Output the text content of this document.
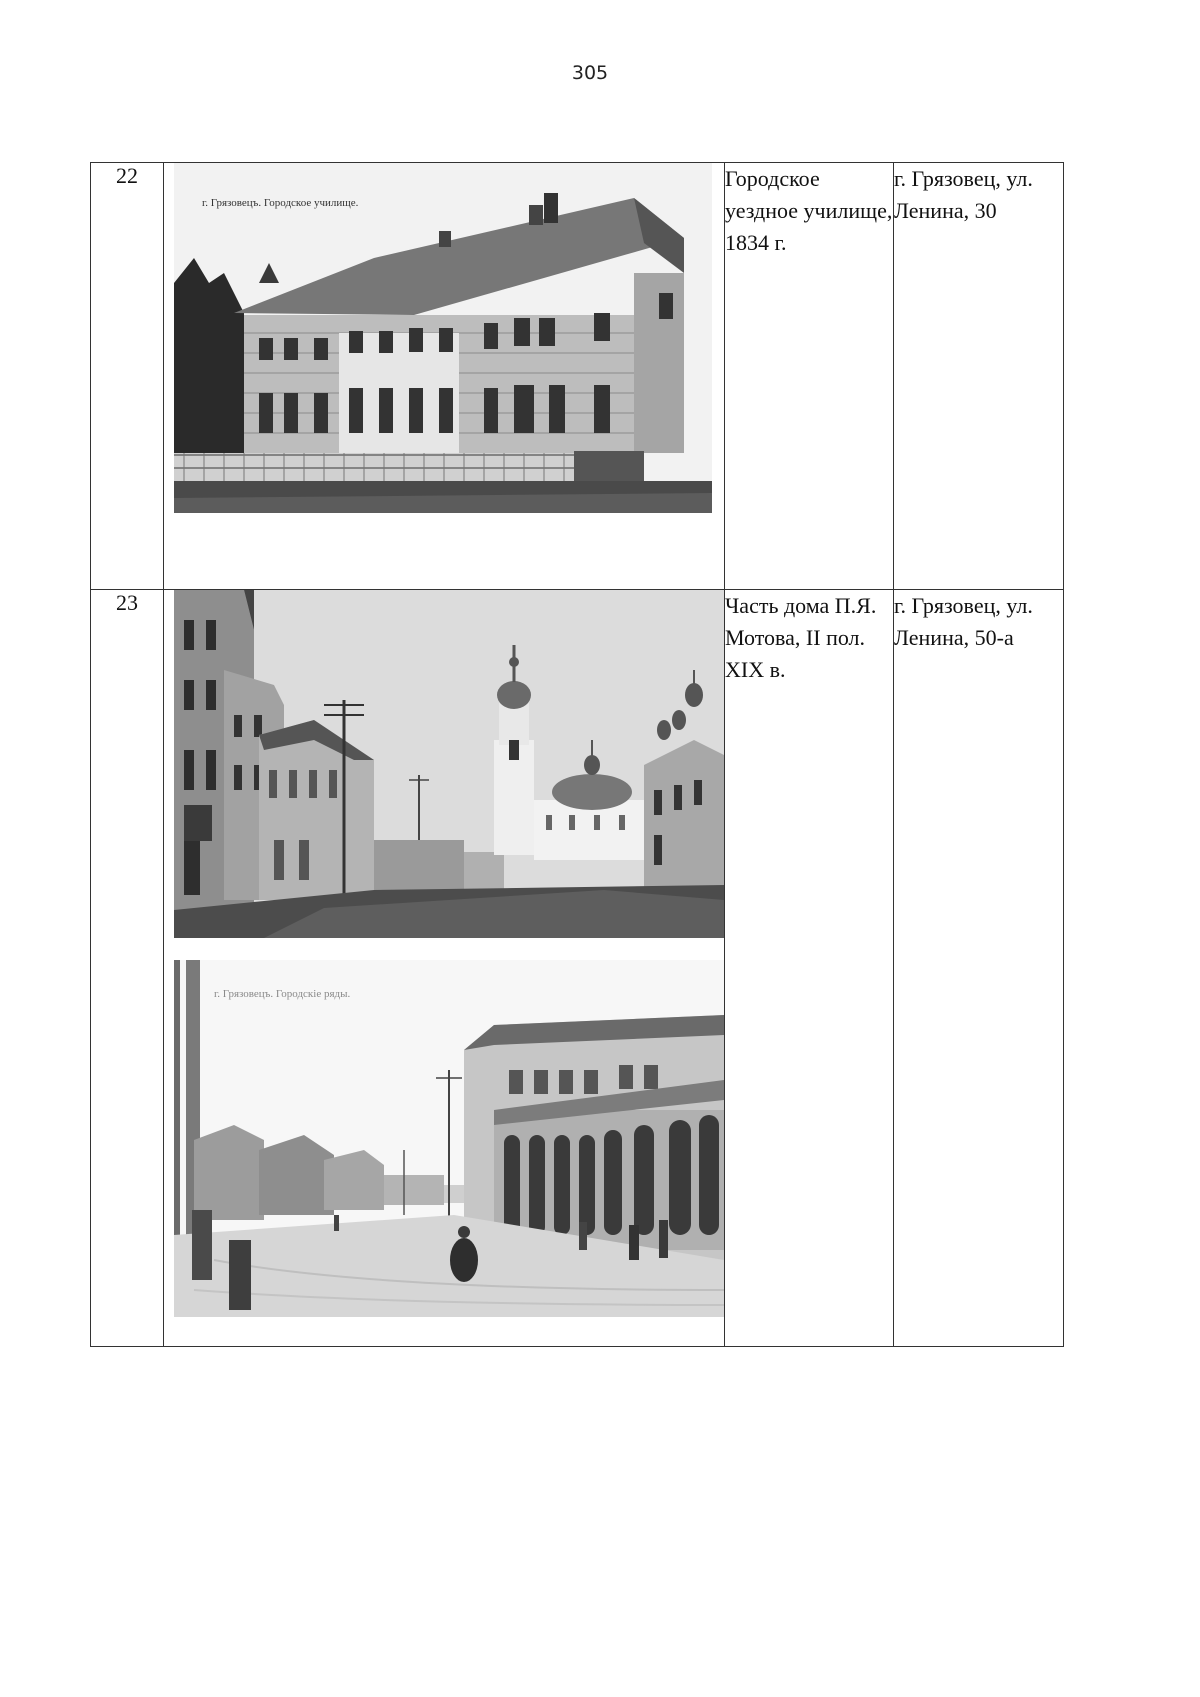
305
22	г. Грязовецъ. Городское училище.	Городское уездное училище, 1834 г.	г. Грязовец, ул. Ленина, 30
23	г. Грязовецъ. Городскiе ряды.	Часть дома П.Я. Мотова, II пол. XIX в.	г. Грязовец, ул. Ленина, 50-а
